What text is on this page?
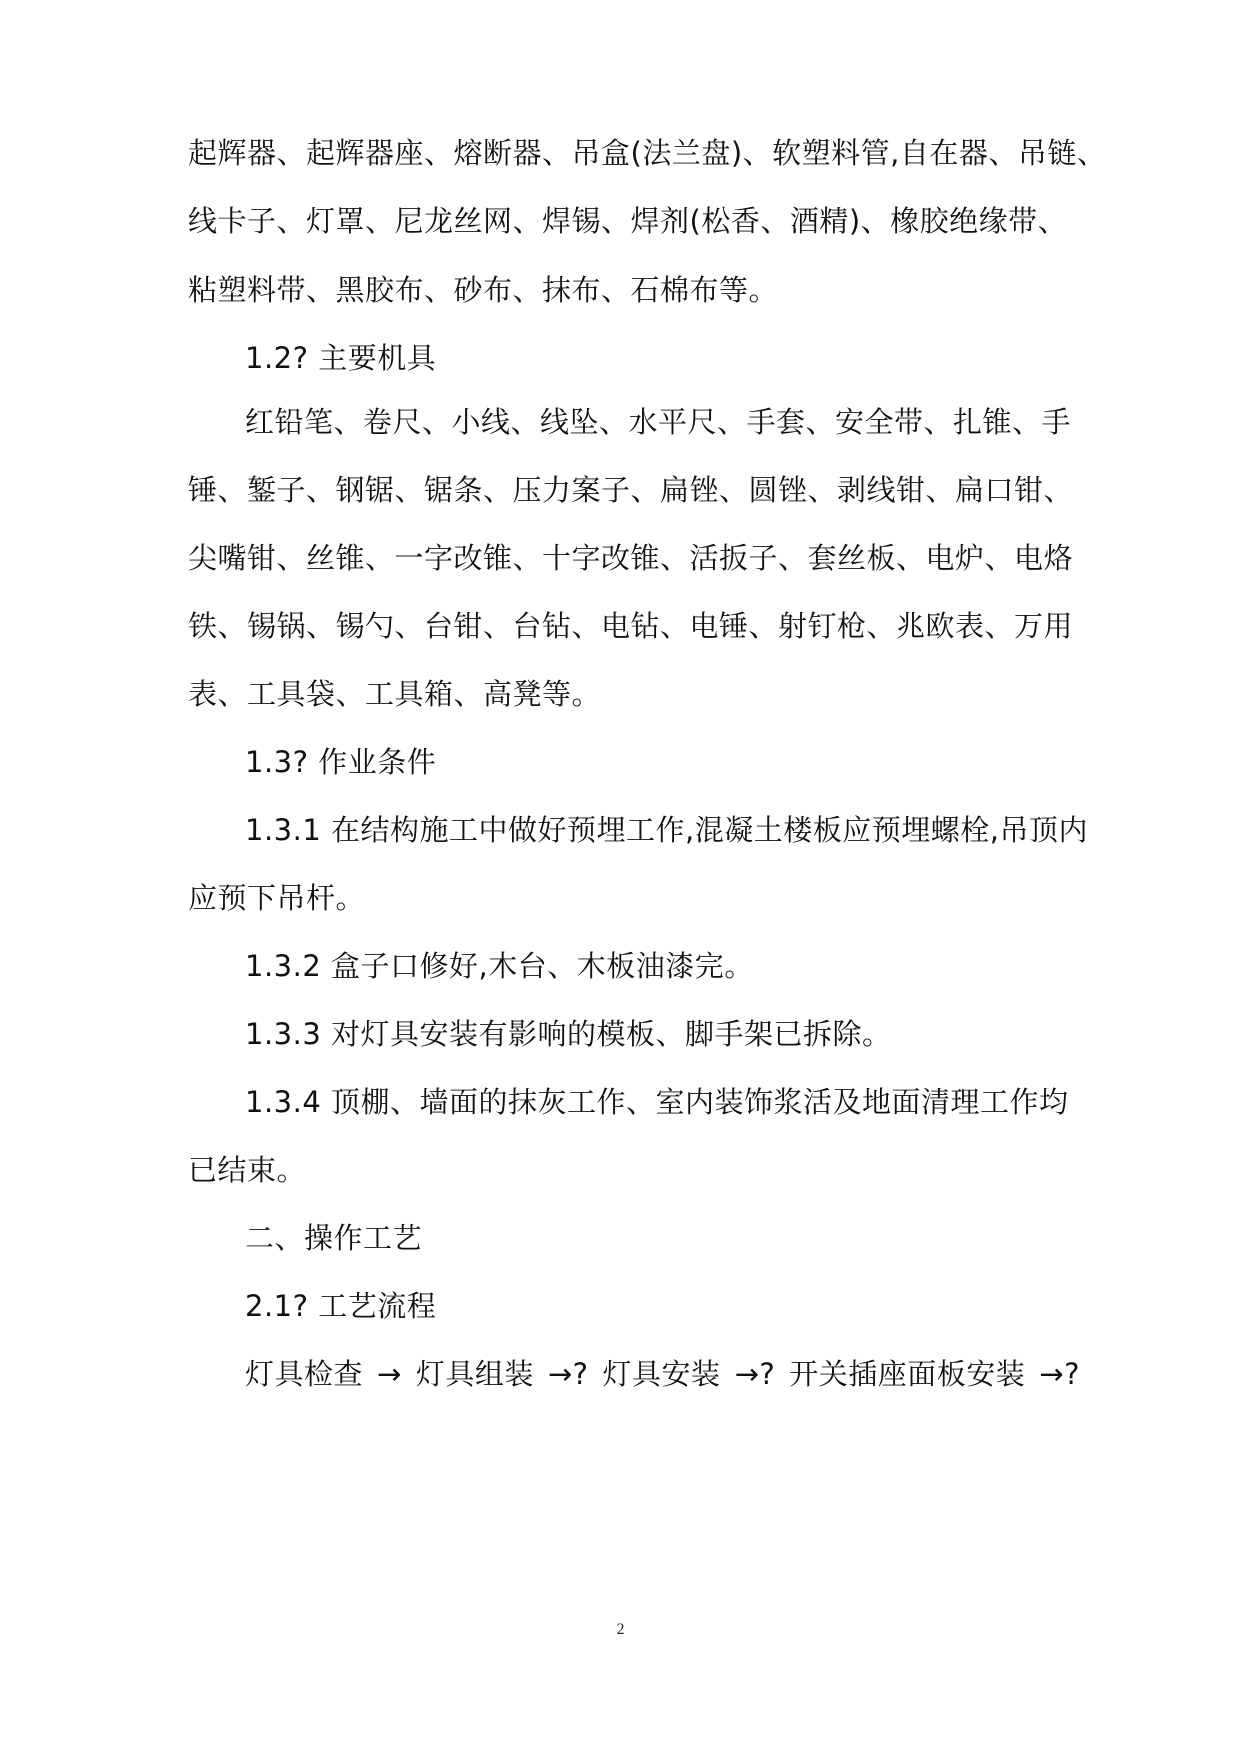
起辉器、起辉器座、熔断器、吊盒(法兰盘)、软塑料管,自在器、吊链、
线卡子、灯罩、尼龙丝网、焊锡、焊剂(松香、酒精)、橡胶绝缘带、
粘塑料带、黑胶布、砂布、抹布、石棉布等。
1.2? 主要机具
红铅笔、卷尺、小线、线坠、水平尺、手套、安全带、扎锥、手
锤、錾子、钢锯、锯条、压力案子、扁锉、圆锉、剥线钳、扁口钳、
尖嘴钳、丝锥、一字改锥、十字改锥、活扳子、套丝板、电炉、电烙
铁、锡锅、锡勺、台钳、台钻、电钻、电锤、射钉枪、兆欧表、万用
表、工具袋、工具箱、高凳等。
1.3? 作业条件
1.3.1 在结构施工中做好预埋工作,混凝土楼板应预埋螺栓,吊顶内
应预下吊杆。
1.3.2 盒子口修好,木台、木板油漆完。
1.3.3 对灯具安装有影响的模板、脚手架已拆除。
1.3.4 顶棚、墙面的抹灰工作、室内装饰浆活及地面清理工作均
已结束。
二、操作工艺
2.1? 工艺流程
灯具检查 → 灯具组装 →? 灯具安装 →? 开关插座面板安装 →?
2
